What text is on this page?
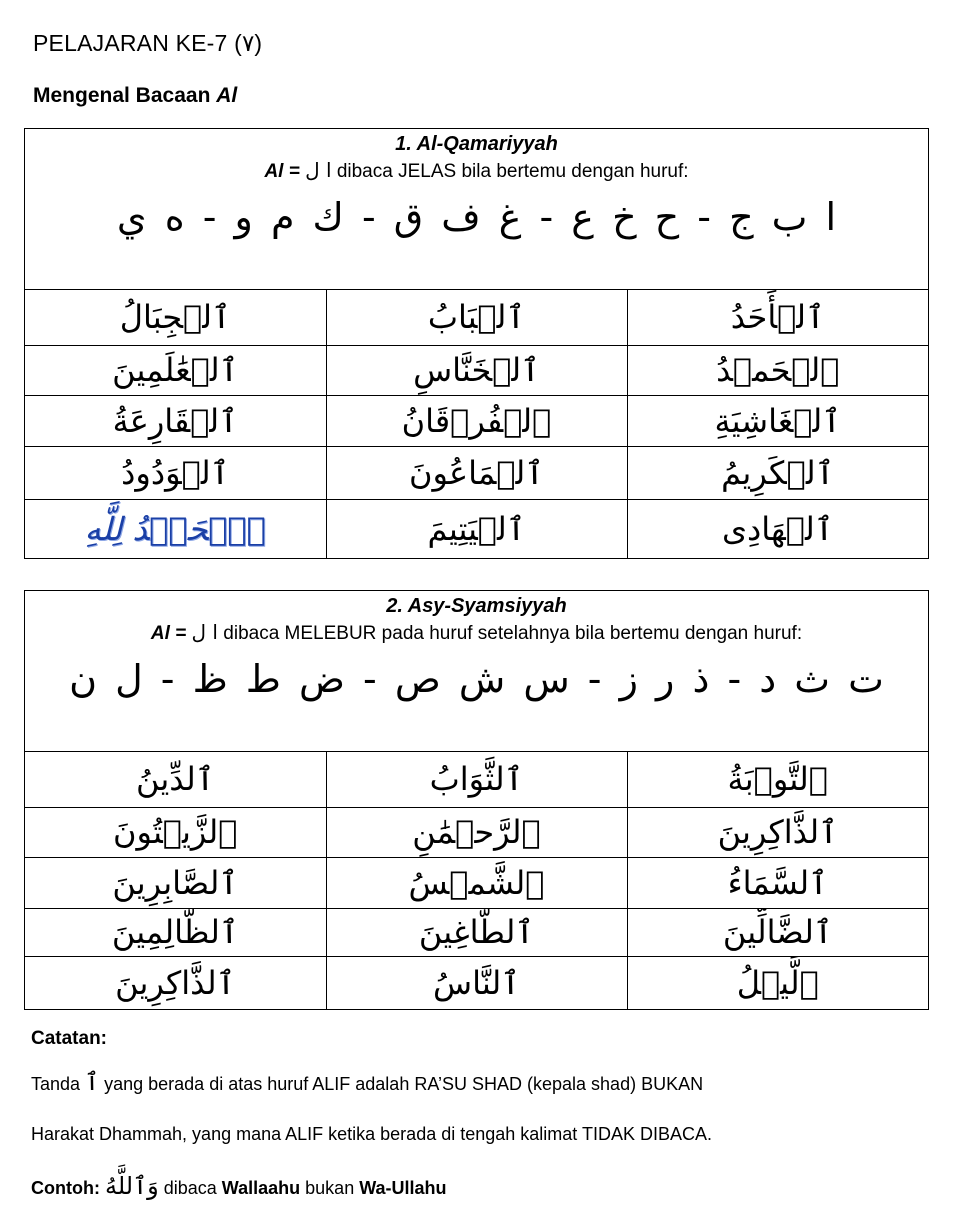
PELAJARAN KE-7 (٧)
Mengenal Bacaan Al
1. Al-Qamariyyah
Al = ا ل dibaca JELAS bila bertemu dengan huruf:
ا ب ج - ح خ ع - غ ف ق - ك م و - ه ي
ٱلۡجِبَالُ	ٱلۡبَابُ	ٱلۡأَحَدُ
ٱلۡعَٰلَمِينَ	ٱلۡخَنَّاسِ	ٱلۡحَمۡدُ
ٱلۡقَارِعَةُ	ٱلۡفُرۡقَانُ	ٱلۡغَاشِيَةِ
ٱلۡوَدُودُ	ٱلۡمَاعُونَ	ٱلۡكَرِيمُ
ٱلۡحَمۡدُ لِلَّهِ	ٱلۡيَتِيمَ	ٱلۡهَادِى
2. Asy-Syamsiyyah
Al = ا ل dibaca MELEBUR pada huruf setelahnya bila bertemu dengan huruf:
ت ث د - ذ ر ز - س ش ص - ض ط ظ - ل ن
ٱلدِّينُ	ٱلثَّوَابُ	ٱلتَّوۡبَةُ
ٱلزَّيۡتُونَ	ٱلرَّحۡمَٰنِ	ٱلذَّاكِرِينَ
ٱلصَّابِرِينَ	ٱلشَّمۡسُ	ٱلسَّمَاءُ
ٱلظَّالِمِينَ	ٱلطَّاغِينَ	ٱلضَّالِّينَ
ٱلذَّاكِرِينَ	ٱلنَّاسُ	ٱلَّيۡلُ
Catatan:
Tanda ٱ yang berada di atas huruf ALIF adalah RA’SU SHAD (kepala shad) BUKAN
Harakat Dhammah, yang mana ALIF ketika berada di tengah kalimat TIDAK DIBACA.
Contoh: وَٱللَّهُ dibaca Wallaahu bukan Wa-Ullahu
